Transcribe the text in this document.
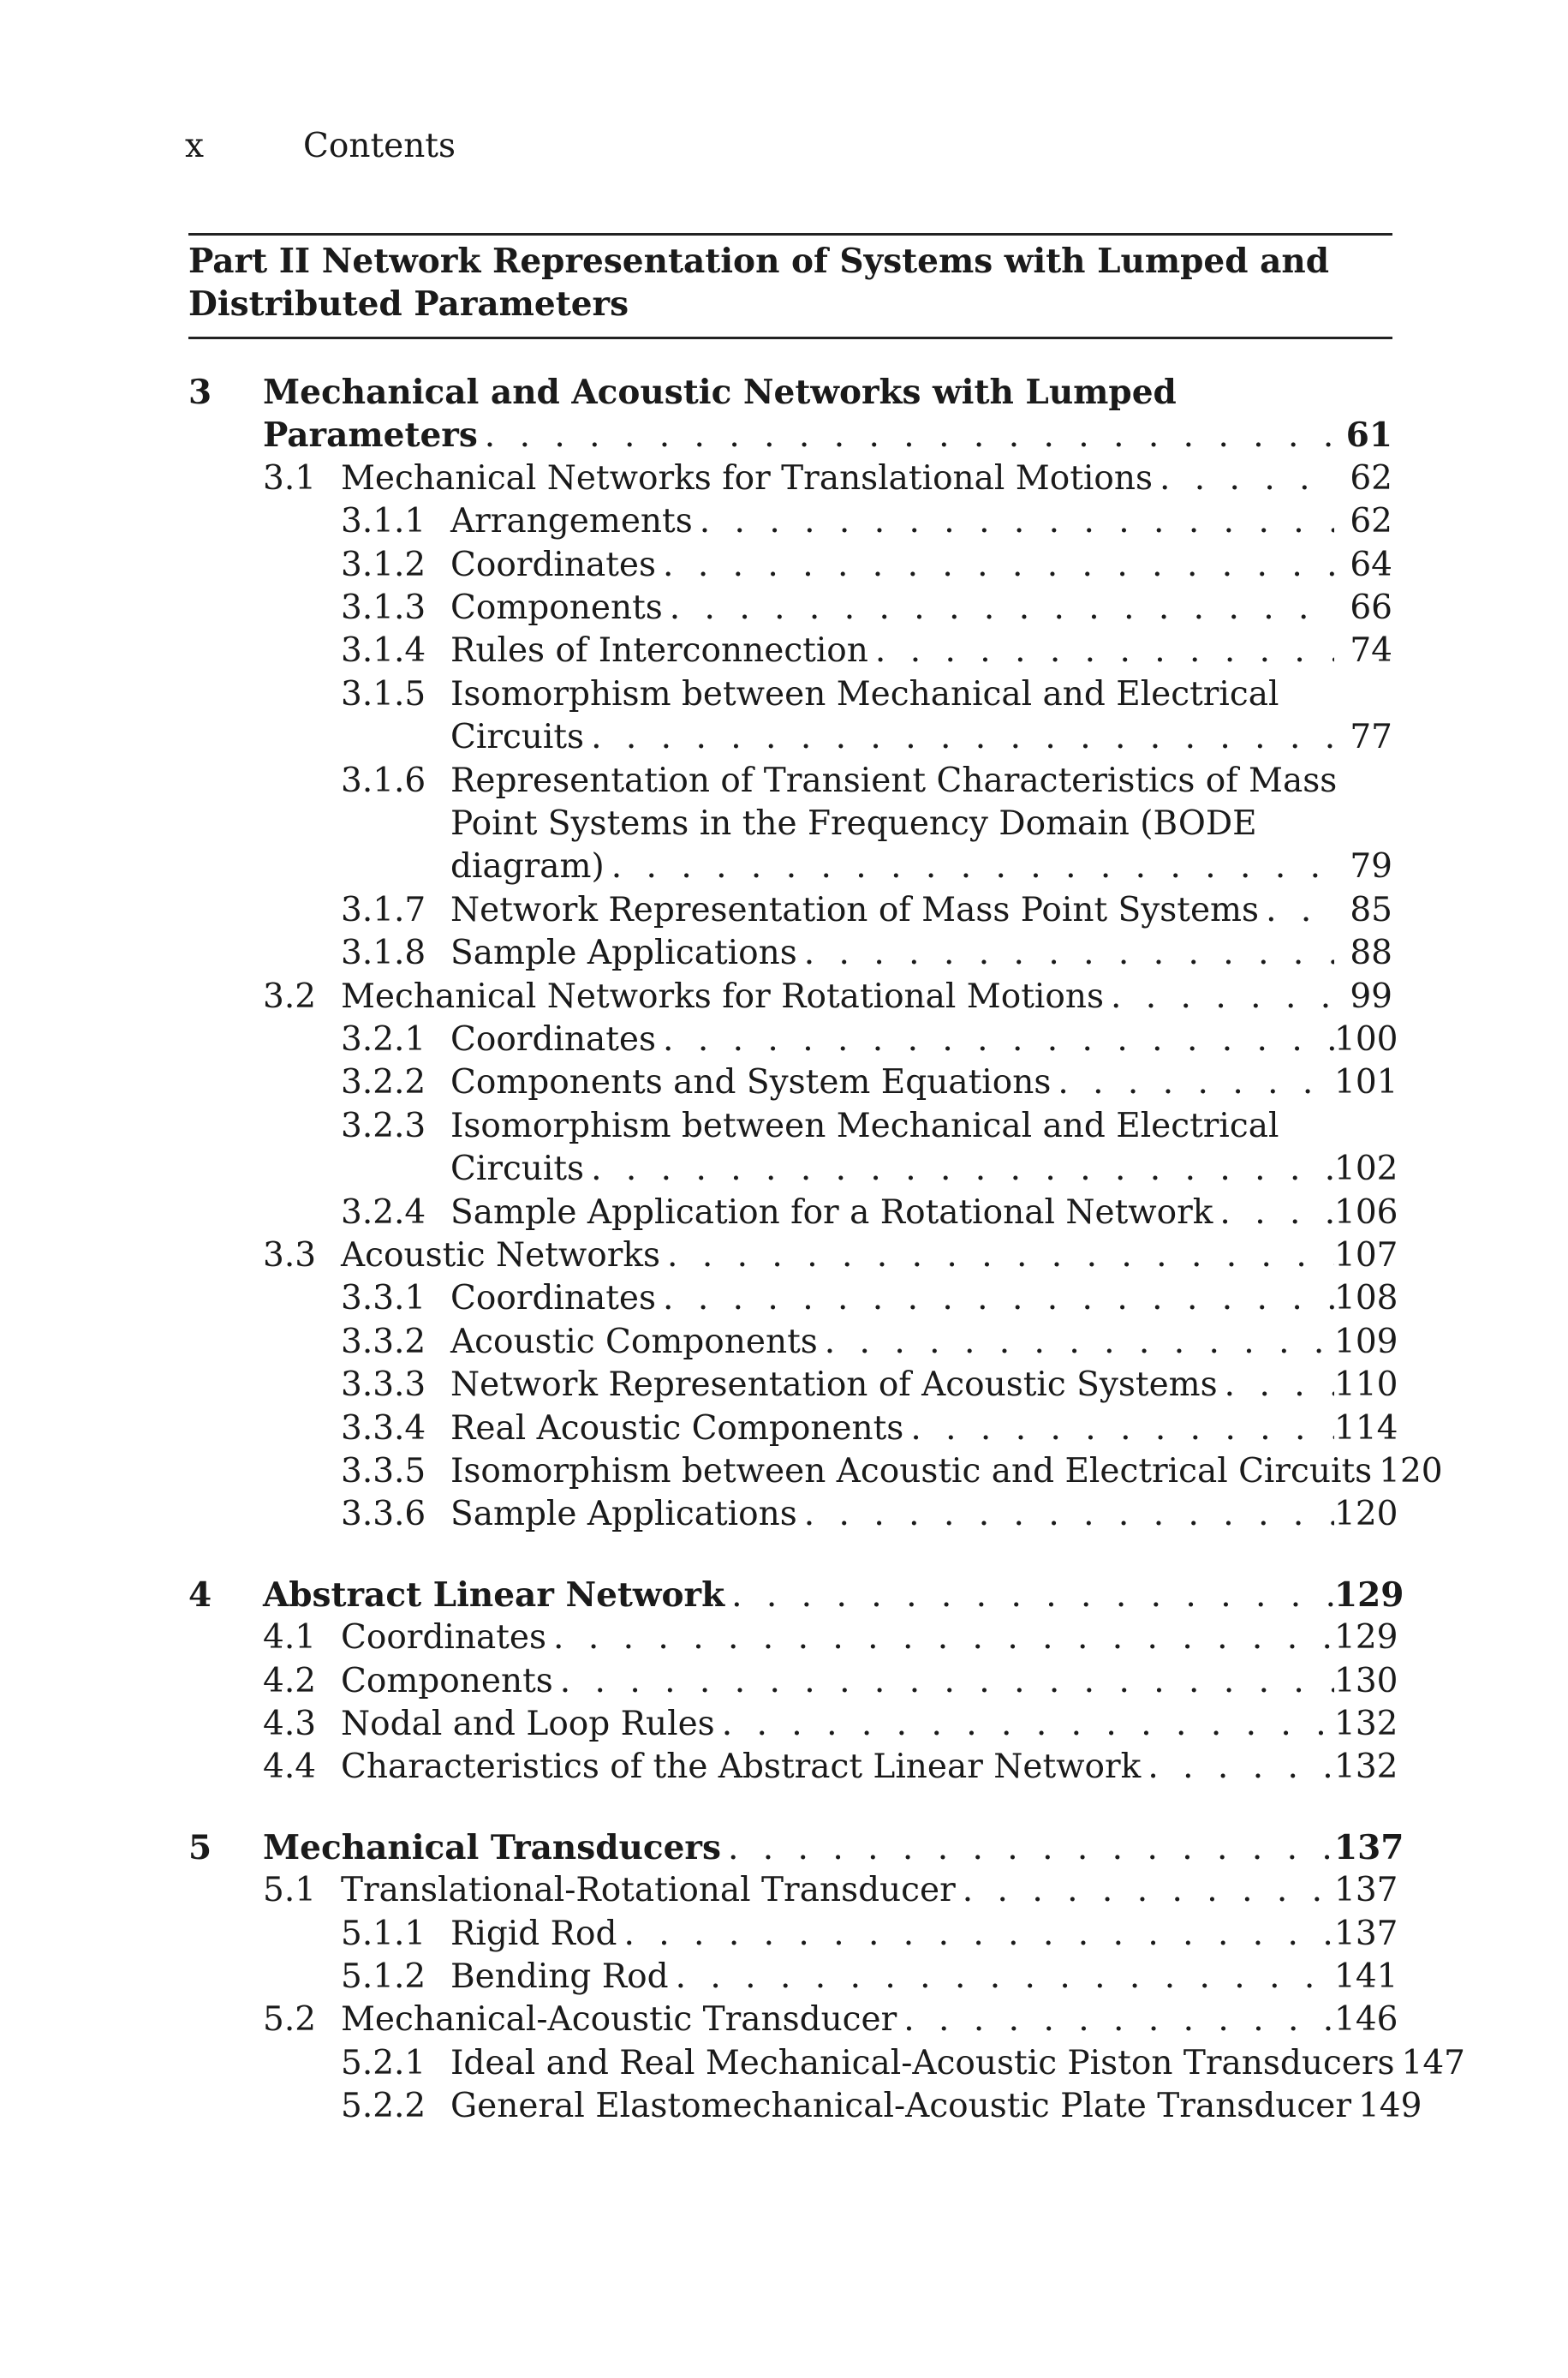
x	Contents
Part II Network Representation of Systems with Lumped and
Distributed Parameters
3 Mechanical and Acoustic Networks with Lumped
Parameters . . .	61
3.1 Mechanical Networks for Translational Motions . . .	62
3.1.1 Arrangements . . .	62
3.1.2 Coordinates . . .	64
3.1.3 Components . . .	66
3.1.4 Rules of Interconnection . . .	74
3.1.5 Isomorphism between Mechanical and Electrical
Circuits . . .	77
3.1.6 Representation of Transient Characteristics of Mass
Point Systems in the Frequency Domain (BODE
diagram) . . .	79
3.1.7 Network Representation of Mass Point Systems . . .	85
3.1.8 Sample Applications . . .	88
3.2 Mechanical Networks for Rotational Motions . . .	99
3.2.1 Coordinates . . .	100
3.2.2 Components and System Equations . . .	101
3.2.3 Isomorphism between Mechanical and Electrical
Circuits . . .	102
3.2.4 Sample Application for a Rotational Network . . .	106
3.3 Acoustic Networks . . .	107
3.3.1 Coordinates . . .	108
3.3.2 Acoustic Components . . .	109
3.3.3 Network Representation of Acoustic Systems . . .	110
3.3.4 Real Acoustic Components . . .	114
3.3.5 Isomorphism between Acoustic and Electrical Circuits 120
3.3.6 Sample Applications . . .	120
4 Abstract Linear Network . . .	129
4.1 Coordinates . . .	129
4.2 Components . . .	130
4.3 Nodal and Loop Rules . . .	132
4.4 Characteristics of the Abstract Linear Network . . .	132
5 Mechanical Transducers . . .	137
5.1 Translational-Rotational Transducer . . .	137
5.1.1 Rigid Rod . . .	137
5.1.2 Bending Rod . . .	141
5.2 Mechanical-Acoustic Transducer . . .	146
5.2.1 Ideal and Real Mechanical-Acoustic Piston Transducers 147
5.2.2 General Elastomechanical-Acoustic Plate Transducer 149
